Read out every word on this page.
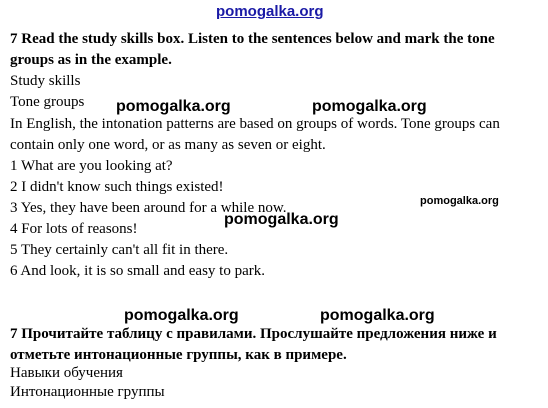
pomogalka.org
7 Read the study skills box. Listen to the sentences below and mark the tone
groups as in the example.
Study skills
Tone groups
In English, the intonation patterns are based on groups of words. Tone groups can
contain only one word, or as many as seven or eight.
1 What are you looking at?
2 I didn't know such things existed!
3 Yes, they have been around for a while now.
4 For lots of reasons!
5 They certainly can't all fit in there.
6 And look, it is so small and easy to park.
7 Прочитайте таблицу с правилами. Прослушайте предложения ниже и
отметьте интонационные группы, как в примере.
Навыки обучения
Интонационные группы
pomogalka.org	pomogalka.org
pomogalka.org
pomogalka.org
pomogalka.org	pomogalka.org
